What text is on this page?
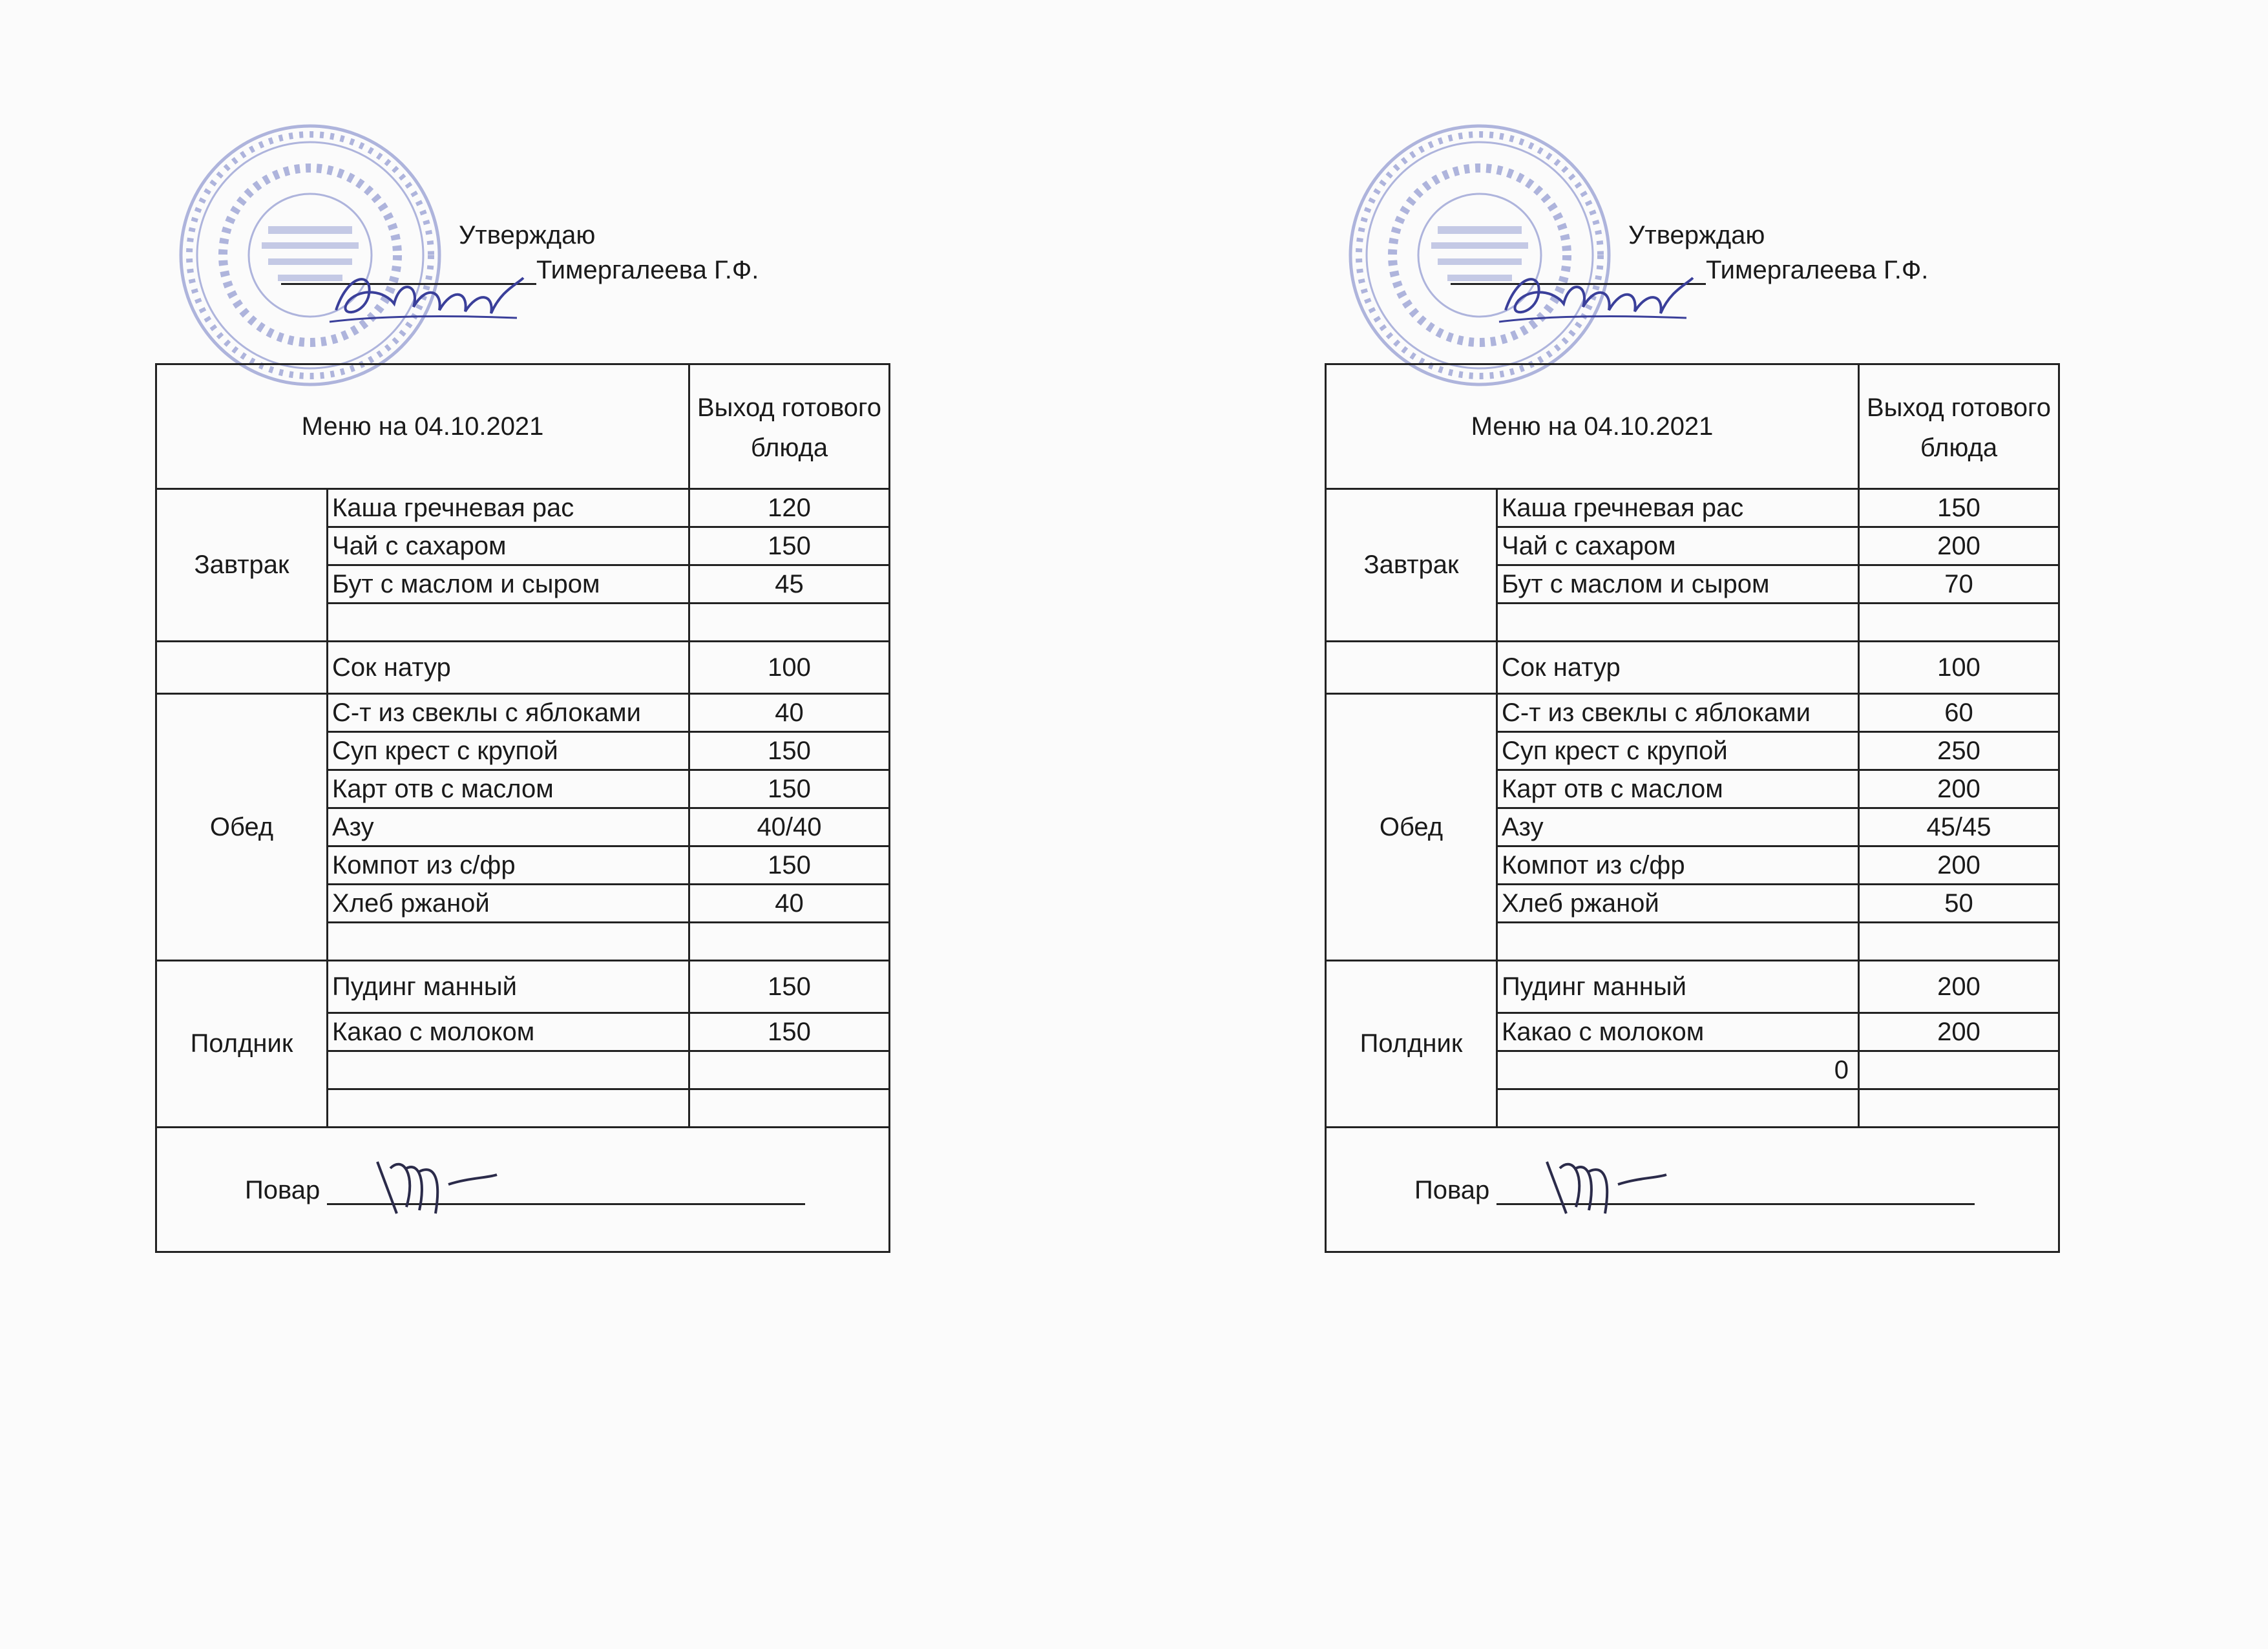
Утверждаю
Тимергалеева Г.Ф.
Меню на 04.10.2021		Выход готового блюда
Завтрак	Каша гречневая рас	120
	Чай с сахаром	150
	Бут с маслом и сыром	45

	Сок натур	100
Обед	С-т из свеклы с яблоками	40
	Суп крест с крупой	150
	Карт отв с маслом	150
	Азу	40/40
	Компот из с/фр	150
	Хлеб ржаной	40

Полдник	Пудинг манный	150
	Какао с молоком	150

Повар		
Утверждаю
Тимергалеева Г.Ф.
Меню на 04.10.2021		Выход готового блюда
Завтрак	Каша гречневая рас	150
	Чай с сахаром	200
	Бут с маслом и сыром	70

	Сок натур	100
Обед	С-т из свеклы с яблоками	60
	Суп крест с крупой	250
	Карт отв с маслом	200
	Азу	45/45
	Компот из с/фр	200
	Хлеб ржаной	50

Полдник	Пудинг манный	200
	Какао с молоком	200
	0	

Повар		
